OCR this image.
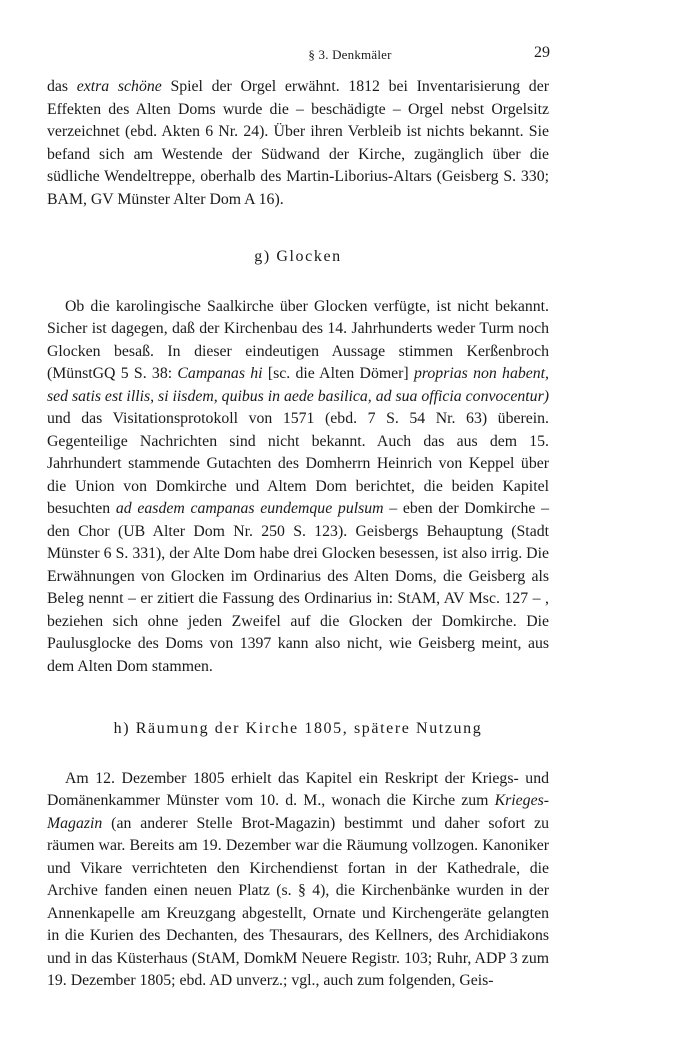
§ 3. Denkmäler	29

das extra schöne Spiel der Orgel erwähnt. 1812 bei Inventarisierung der Effekten des Alten Doms wurde die – beschädigte – Orgel nebst Orgelsitz verzeichnet (ebd. Akten 6 Nr. 24). Über ihren Verbleib ist nichts bekannt. Sie befand sich am Westende der Südwand der Kirche, zugänglich über die südliche Wendeltreppe, oberhalb des Martin-Liborius-Altars (Geisberg S. 330; BAM, GV Münster Alter Dom A 16).

g) Glocken

Ob die karolingische Saalkirche über Glocken verfügte, ist nicht bekannt. Sicher ist dagegen, daß der Kirchenbau des 14. Jahrhunderts weder Turm noch Glocken besaß. In dieser eindeutigen Aussage stimmen Kerßenbroch (MünstGQ 5 S. 38: Campanas hi [sc. die Alten Dömer] proprias non habent, sed satis est illis, si iisdem, quibus in aede basilica, ad sua officia convocentur) und das Visitationsprotokoll von 1571 (ebd. 7 S. 54 Nr. 63) überein. Gegenteilige Nachrichten sind nicht bekannt. Auch das aus dem 15. Jahrhundert stammende Gutachten des Domherrn Heinrich von Keppel über die Union von Domkirche und Altem Dom berichtet, die beiden Kapitel besuchten ad easdem campanas eundemque pulsum – eben der Domkirche – den Chor (UB Alter Dom Nr. 250 S. 123). Geisbergs Behauptung (Stadt Münster 6 S. 331), der Alte Dom habe drei Glocken besessen, ist also irrig. Die Erwähnungen von Glocken im Ordinarius des Alten Doms, die Geisberg als Beleg nennt – er zitiert die Fassung des Ordinarius in: StAM, AV Msc. 127 – , beziehen sich ohne jeden Zweifel auf die Glocken der Domkirche. Die Paulusglocke des Doms von 1397 kann also nicht, wie Geisberg meint, aus dem Alten Dom stammen.

h) Räumung der Kirche 1805, spätere Nutzung

Am 12. Dezember 1805 erhielt das Kapitel ein Reskript der Kriegs- und Domänenkammer Münster vom 10. d. M., wonach die Kirche zum Krieges-Magazin (an anderer Stelle Brot-Magazin) bestimmt und daher sofort zu räumen war. Bereits am 19. Dezember war die Räumung vollzogen. Kanoniker und Vikare verrichteten den Kirchendienst fortan in der Kathedrale, die Archive fanden einen neuen Platz (s. § 4), die Kirchenbänke wurden in der Annenkapelle am Kreuzgang abgestellt, Ornate und Kirchengeräte gelangten in die Kurien des Dechanten, des Thesaurars, des Kellners, des Archidiakons und in das Küsterhaus (StAM, DomkM Neuere Registr. 103; Ruhr, ADP 3 zum 19. Dezember 1805; ebd. AD unverz.; vgl., auch zum folgenden, Geis-
